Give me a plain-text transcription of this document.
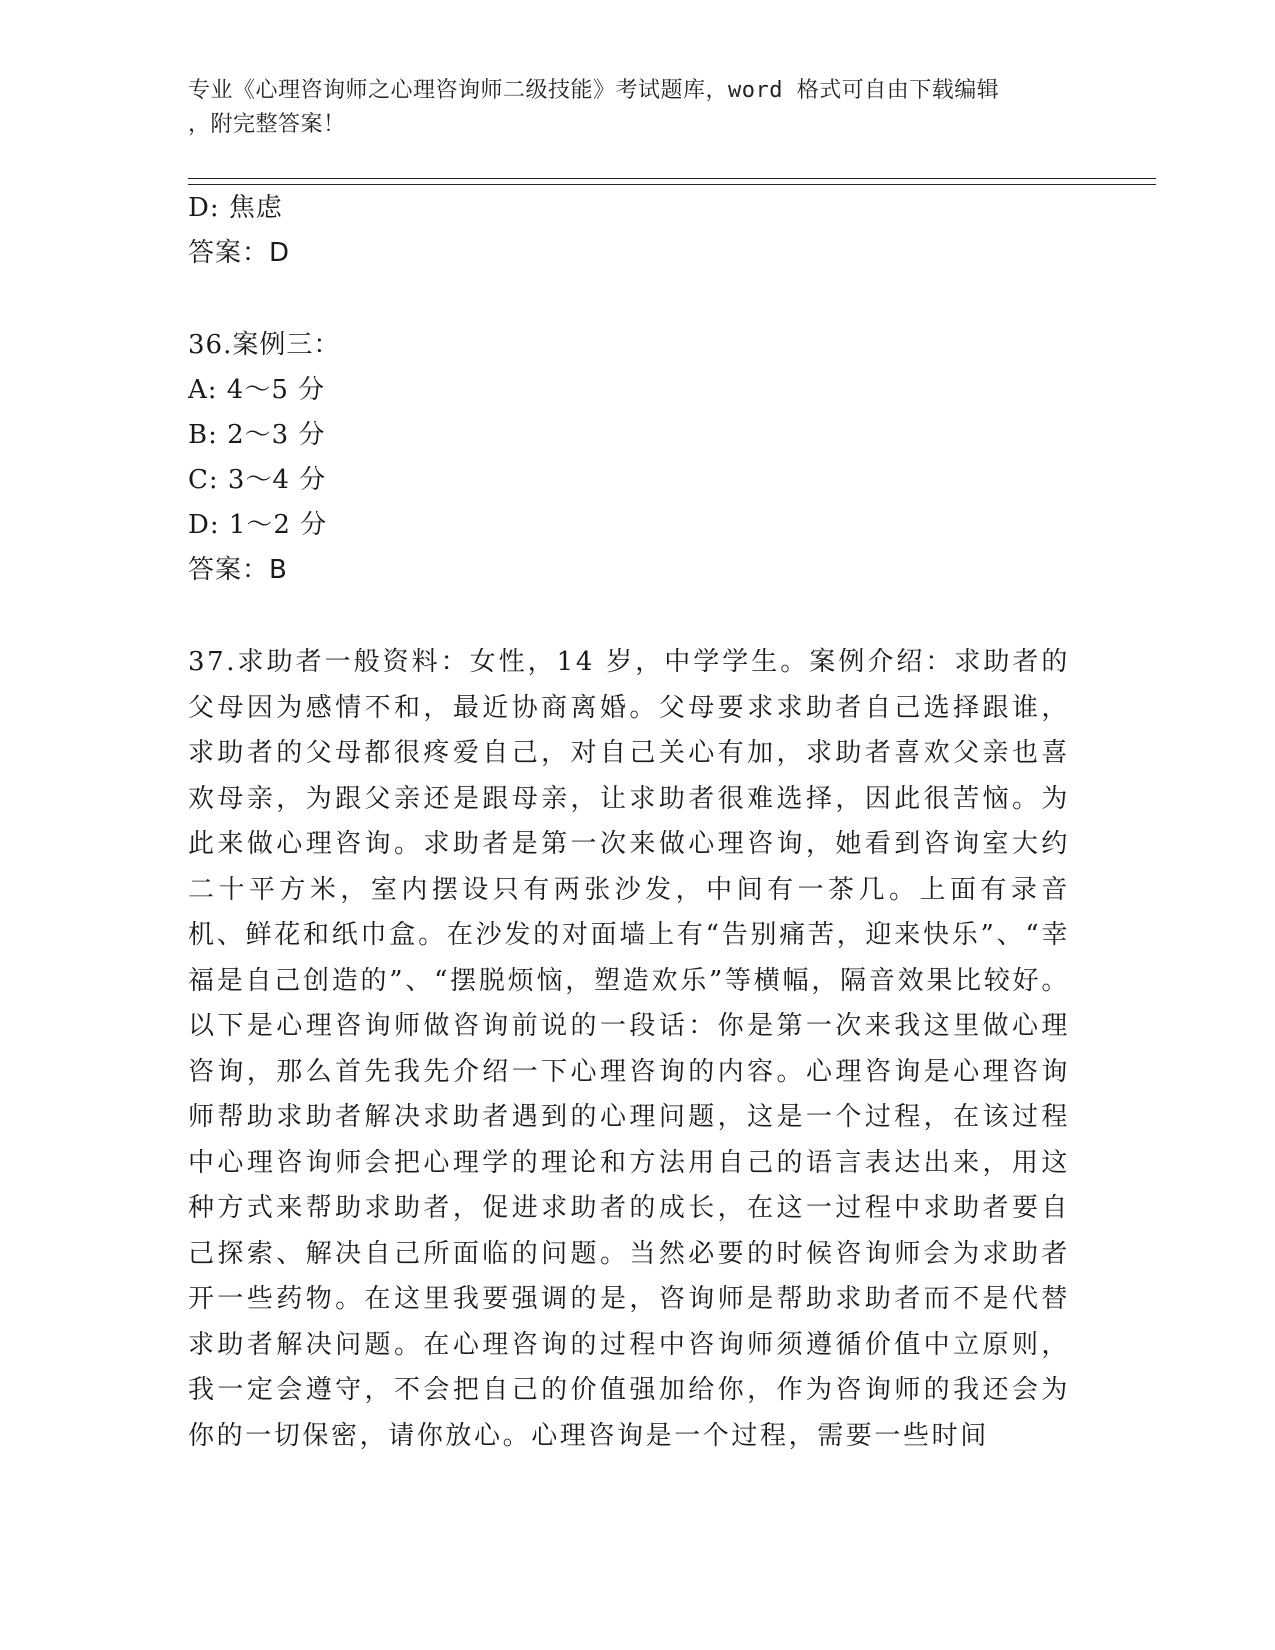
专业《心理咨询师之心理咨询师二级技能》考试题库，word 格式可自由下载编辑

，附完整答案！

D: 焦虑
答案：D
36.案例三：
A: 4～5 分
B: 2～3 分
C: 3～4 分
D: 1～2 分
答案：B

37.求助者一般资料：女性，14 岁，中学学生。案例介绍：求助者的父母因为感情不和，最近协商离婚。父母要求求助者自己选择跟谁，求助者的父母都很疼爱自己，对自己关心有加，求助者喜欢父亲也喜欢母亲，为跟父亲还是跟母亲，让求助者很难选择，因此很苦恼。为此来做心理咨询。求助者是第一次来做心理咨询，她看到咨询室大约二十平方米，室内摆设只有两张沙发，中间有一茶几。上面有录音机、鲜花和纸巾盒。在沙发的对面墙上有“告别痛苦，迎来快乐”、“幸福是自己创造的”、“摆脱烦恼，塑造欢乐”等横幅，隔音效果比较好。以下是心理咨询师做咨询前说的一段话：你是第一次来我这里做心理咨询，那么首先我先介绍一下心理咨询的内容。心理咨询是心理咨询师帮助求助者解决求助者遇到的心理问题，这是一个过程，在该过程中心理咨询师会把心理学的理论和方法用自己的语言表达出来，用这种方式来帮助求助者，促进求助者的成长，在这一过程中求助者要自己探索、解决自己所面临的问题。当然必要的时候咨询师会为求助者开一些药物。在这里我要强调的是，咨询师是帮助求助者而不是代替求助者解决问题。在心理咨询的过程中咨询师须遵循价值中立原则，我一定会遵守，不会把自己的价值强加给你，作为咨询师的我还会为你的一切保密，请你放心。心理咨询是一个过程，需要一些时间
